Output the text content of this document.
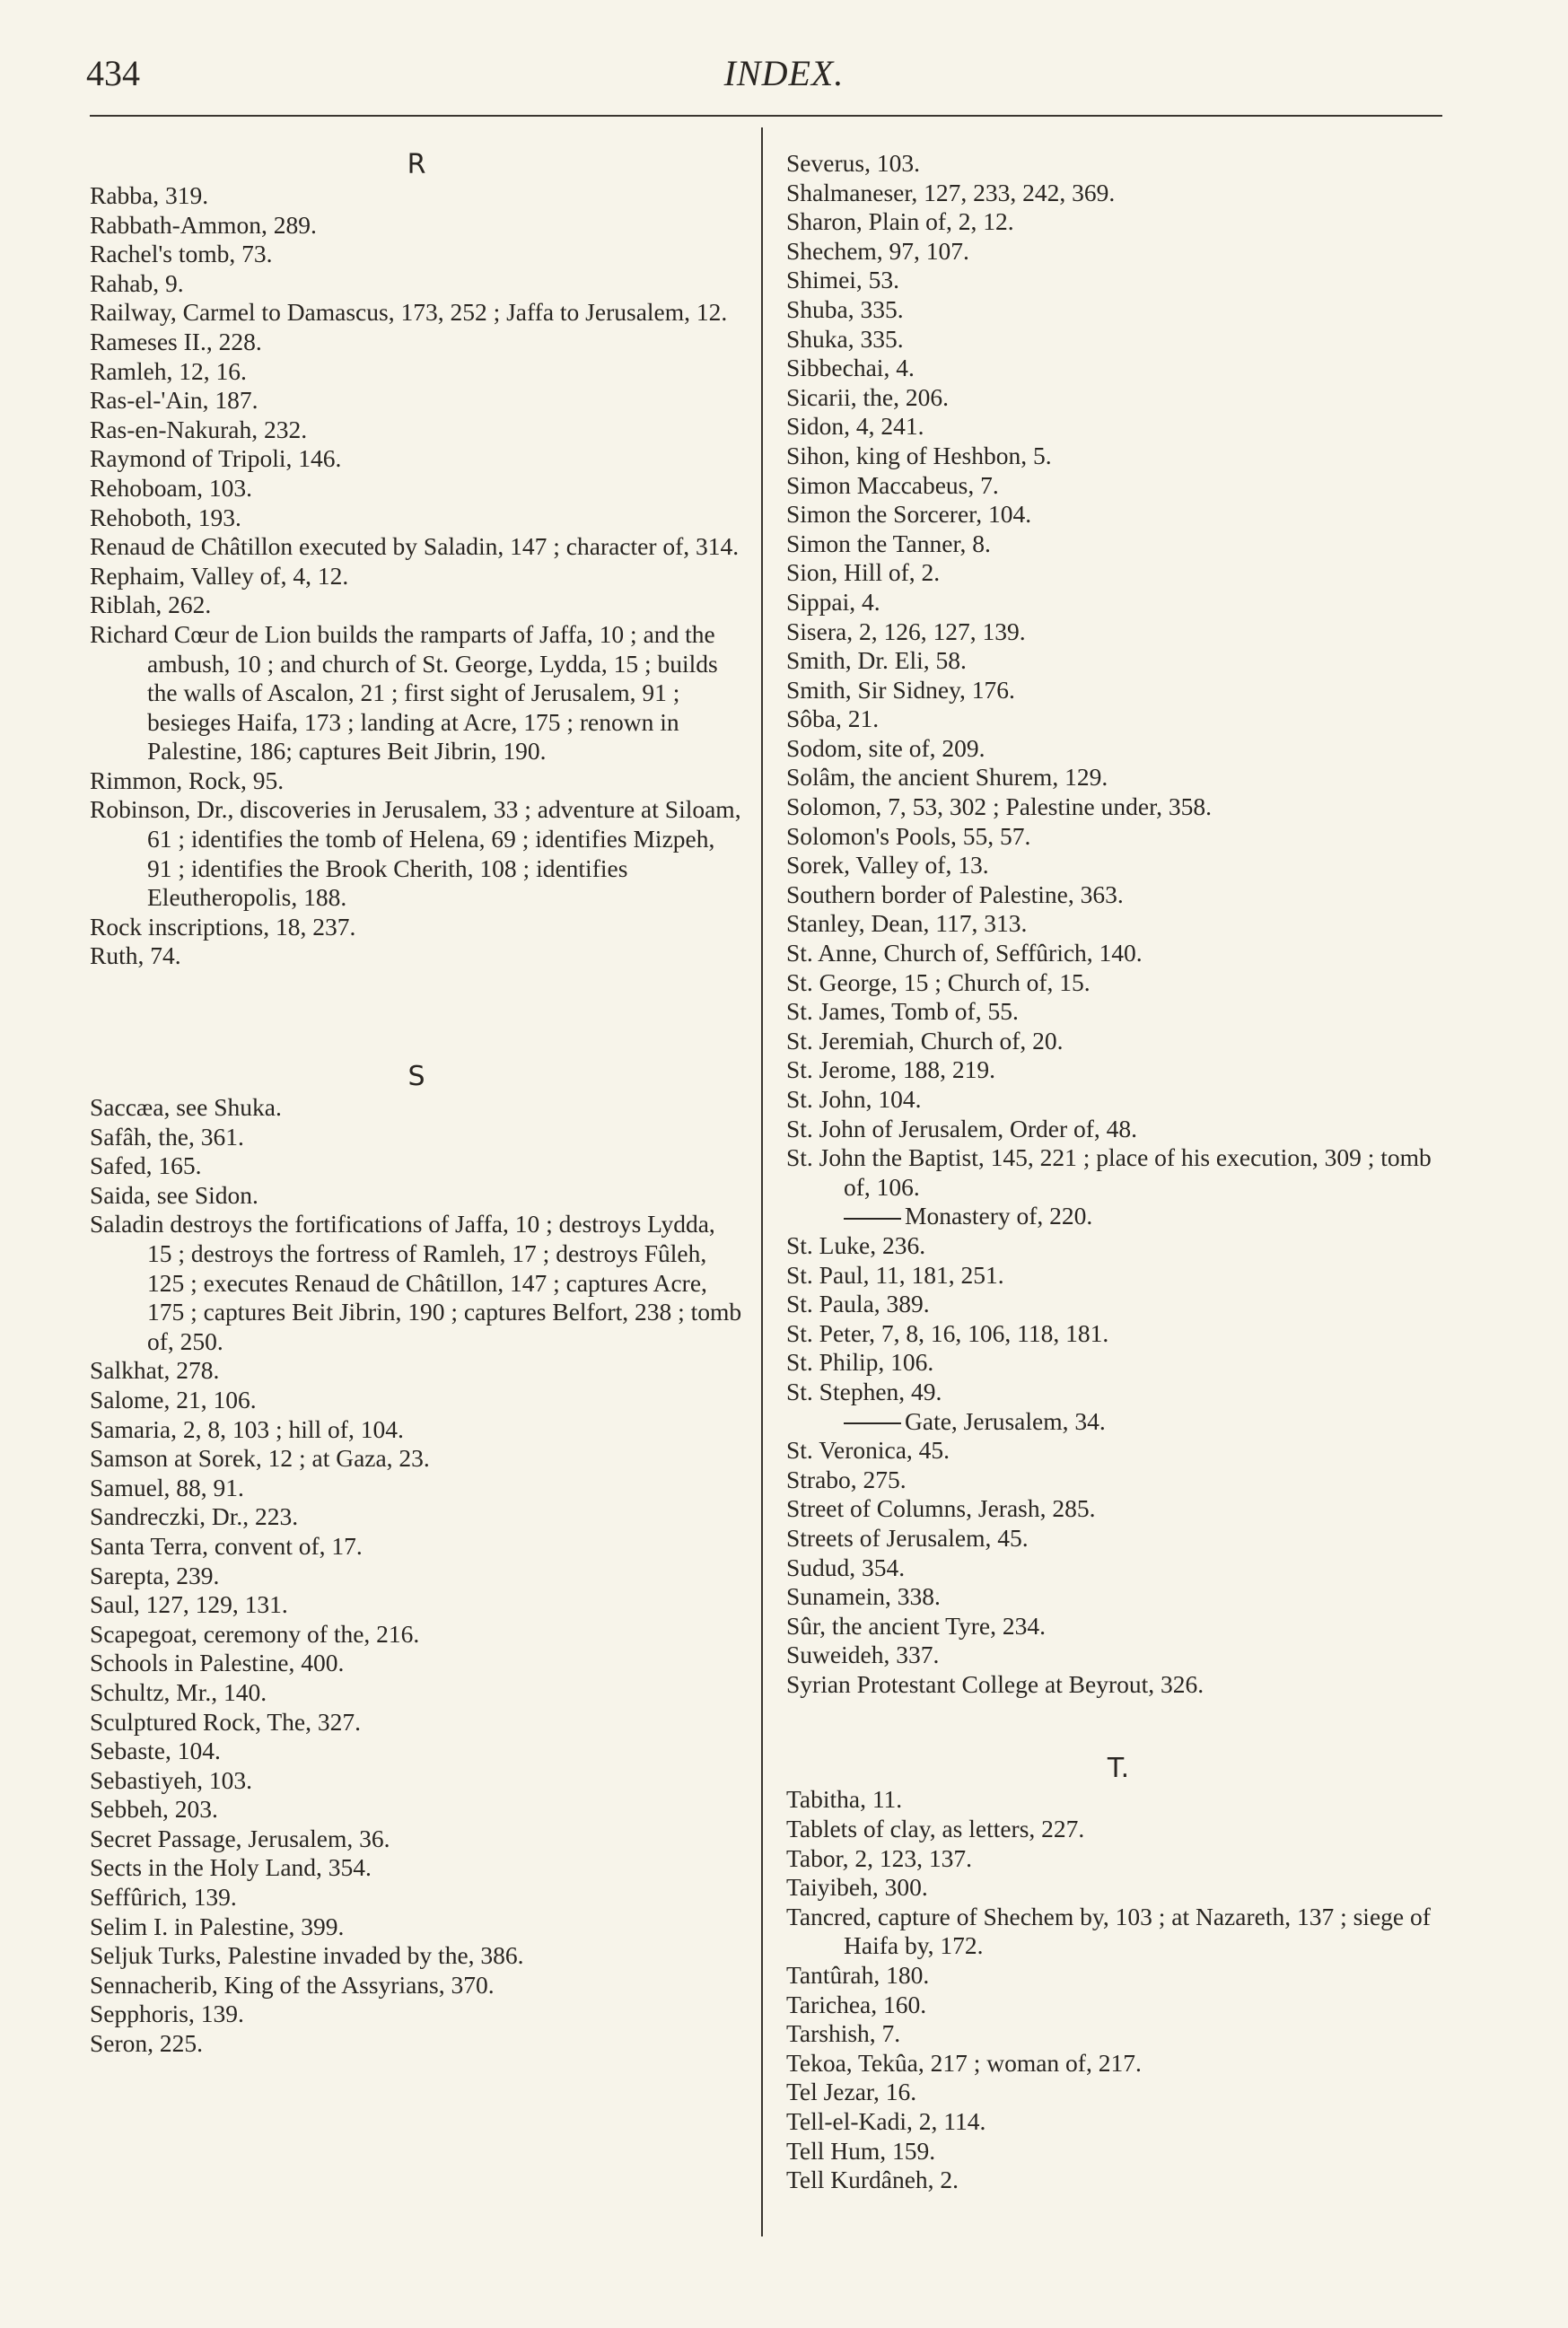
434	INDEX.

R

Rabba, 319.

Rabbath-Ammon, 289.

Rachel's tomb, 73.

Rahab, 9.

Railway, Carmel to Damascus, 173, 252 ; Jaffa to Jerusalem, 12.

Rameses II., 228.

Ramleh, 12, 16.

Ras-el-'Ain, 187.

Ras-en-Nakurah, 232.

Raymond of Tripoli, 146.

Rehoboam, 103.

Rehoboth, 193.

Renaud de Châtillon executed by Saladin, 147 ; character of, 314.

Rephaim, Valley of, 4, 12.

Riblah, 262.

Richard Cœur de Lion builds the ramparts of Jaffa, 10 ; and the ambush, 10 ; and church of St. George, Lydda, 15 ; builds the walls of Ascalon, 21 ; first sight of Jerusalem, 91 ; besieges Haifa, 173 ; landing at Acre, 175 ; renown in Palestine, 186; captures Beit Jibrin, 190.

Rimmon, Rock, 95.

Robinson, Dr., discoveries in Jerusalem, 33 ; adventure at Siloam, 61 ; identifies the tomb of Helena, 69 ; identifies Mizpeh, 91 ; identifies the Brook Cherith, 108 ; identifies Eleutheropolis, 188.

Rock inscriptions, 18, 237.

Ruth, 74.

S

Saccæa, see Shuka.

Safâh, the, 361.

Safed, 165.

Saida, see Sidon.

Saladin destroys the fortifications of Jaffa, 10 ; destroys Lydda, 15 ; destroys the fortress of Ramleh, 17 ; destroys Fûleh, 125 ; executes Renaud de Châtillon, 147 ; captures Acre, 175 ; captures Beit Jibrin, 190 ; captures Belfort, 238 ; tomb of, 250.

Salkhat, 278.

Salome, 21, 106.

Samaria, 2, 8, 103 ; hill of, 104.

Samson at Sorek, 12 ; at Gaza, 23.

Samuel, 88, 91.

Sandreczki, Dr., 223.

Santa Terra, convent of, 17.

Sarepta, 239.

Saul, 127, 129, 131.

Scapegoat, ceremony of the, 216.

Schools in Palestine, 400.

Schultz, Mr., 140.

Sculptured Rock, The, 327.

Sebaste, 104.

Sebastiyeh, 103.

Sebbeh, 203.

Secret Passage, Jerusalem, 36.

Sects in the Holy Land, 354.

Seffûrich, 139.

Selim I. in Palestine, 399.

Seljuk Turks, Palestine invaded by the, 386.

Sennacherib, King of the Assyrians, 370.

Sepphoris, 139.

Seron, 225.

Severus, 103.

Shalmaneser, 127, 233, 242, 369.

Sharon, Plain of, 2, 12.

Shechem, 97, 107.

Shimei, 53.

Shuba, 335.

Shuka, 335.

Sibbechai, 4.

Sicarii, the, 206.

Sidon, 4, 241.

Sihon, king of Heshbon, 5.

Simon Maccabeus, 7.

Simon the Sorcerer, 104.

Simon the Tanner, 8.

Sion, Hill of, 2.

Sippai, 4.

Sisera, 2, 126, 127, 139.

Smith, Dr. Eli, 58.

Smith, Sir Sidney, 176.

Sôba, 21.

Sodom, site of, 209.

Solâm, the ancient Shurem, 129.

Solomon, 7, 53, 302 ; Palestine under, 358.

Solomon's Pools, 55, 57.

Sorek, Valley of, 13.

Southern border of Palestine, 363.

Stanley, Dean, 117, 313.

St. Anne, Church of, Seffûrich, 140.

St. George, 15 ; Church of, 15.

St. James, Tomb of, 55.

St. Jeremiah, Church of, 20.

St. Jerome, 188, 219.

St. John, 104.

St. John of Jerusalem, Order of, 48.

St. John the Baptist, 145, 221 ; place of his execution, 309 ; tomb of, 106.

Monastery of, 220.

St. Luke, 236.

St. Paul, 11, 181, 251.

St. Paula, 389.

St. Peter, 7, 8, 16, 106, 118, 181.

St. Philip, 106.

St. Stephen, 49.

Gate, Jerusalem, 34.

St. Veronica, 45.

Strabo, 275.

Street of Columns, Jerash, 285.

Streets of Jerusalem, 45.

Sudud, 354.

Sunamein, 338.

Sûr, the ancient Tyre, 234.

Suweideh, 337.

Syrian Protestant College at Beyrout, 326.

T.

Tabitha, 11.

Tablets of clay, as letters, 227.

Tabor, 2, 123, 137.

Taiyibeh, 300.

Tancred, capture of Shechem by, 103 ; at Nazareth, 137 ; siege of Haifa by, 172.

Tantûrah, 180.

Tarichea, 160.

Tarshish, 7.

Tekoa, Tekûa, 217 ; woman of, 217.

Tel Jezar, 16.

Tell-el-Kadi, 2, 114.

Tell Hum, 159.

Tell Kurdâneh, 2.
